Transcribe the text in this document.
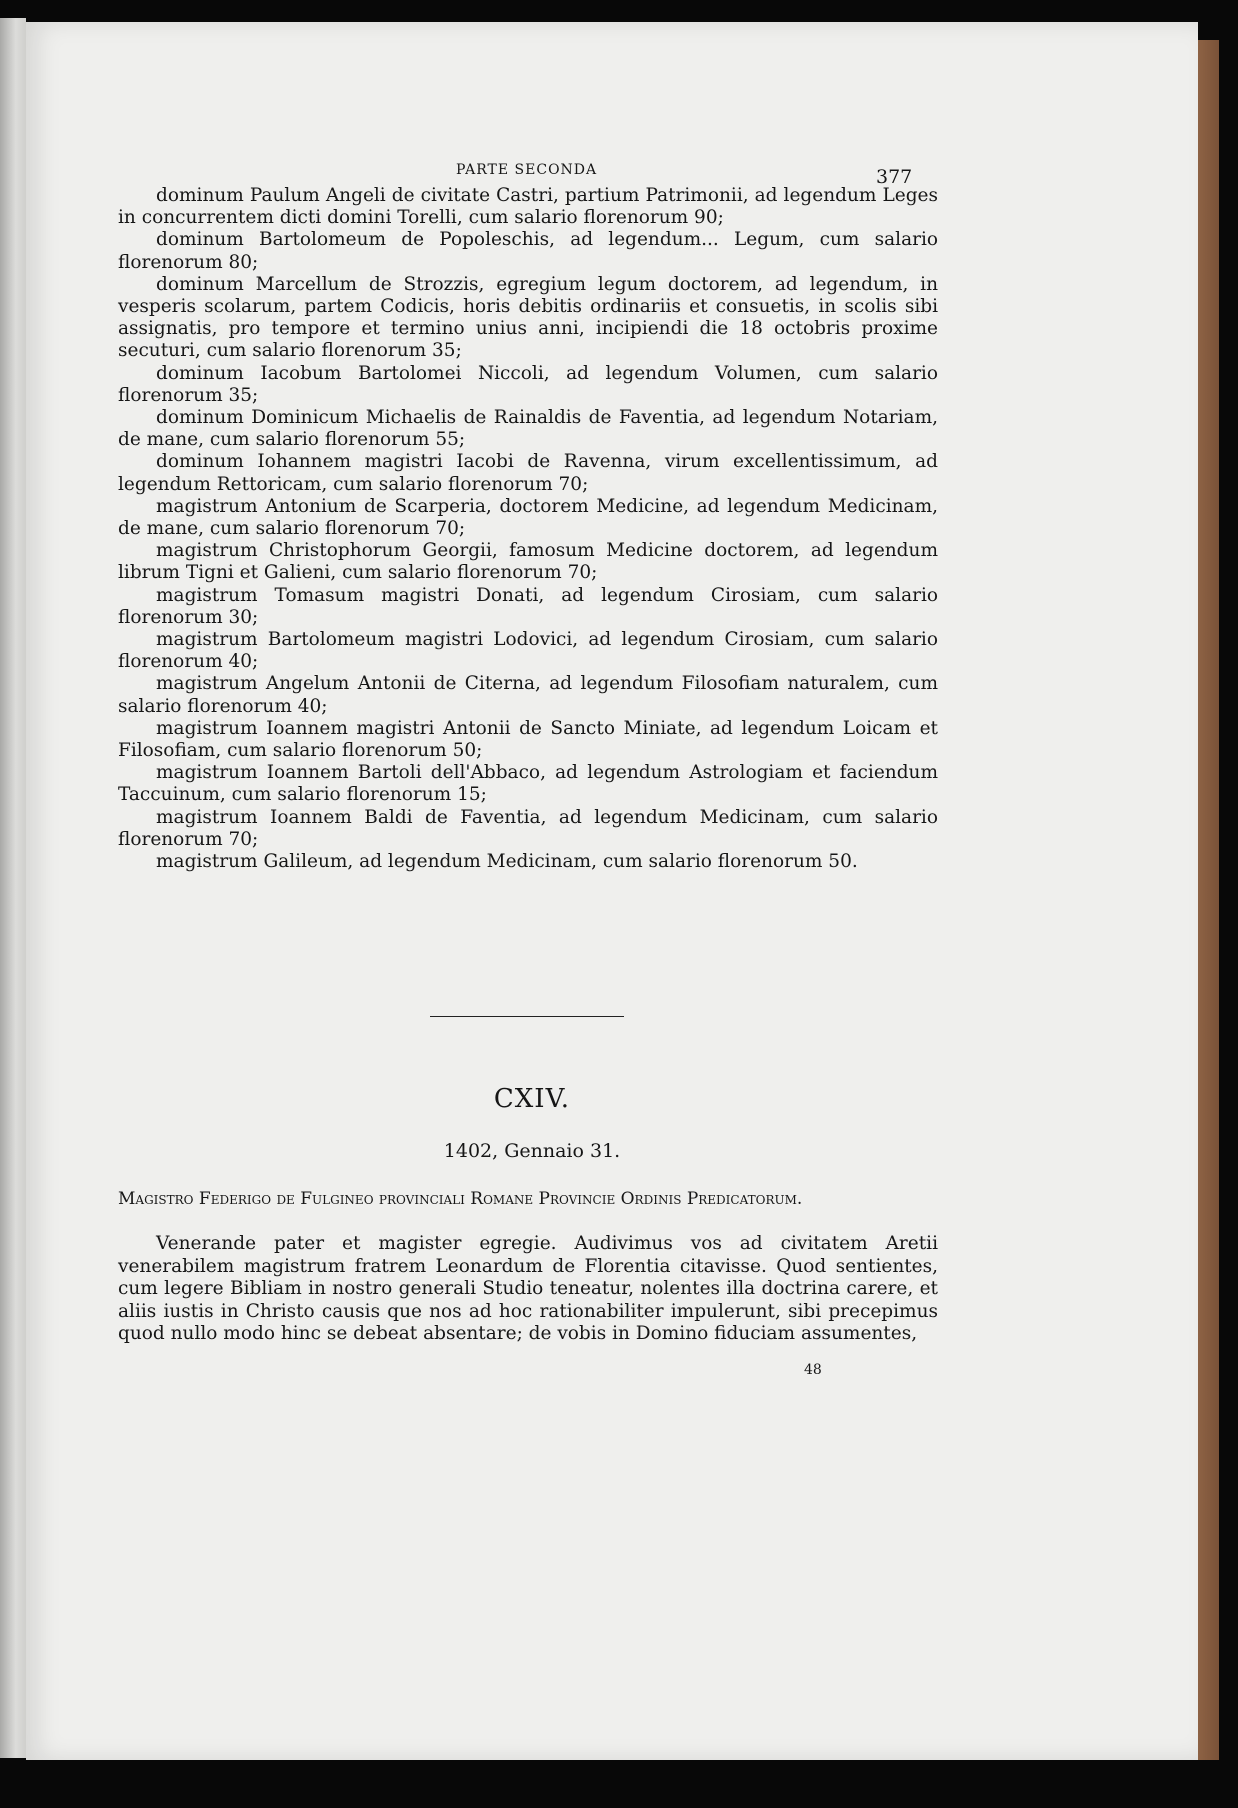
PARTE SECONDA	377

dominum Paulum Angeli de civitate Castri, partium Patrimonii, ad legendum Leges in concurrentem dicti domini Torelli, cum salario florenorum 90;

dominum Bartolomeum de Popoleschis, ad legendum... Legum, cum salario florenorum 80;

dominum Marcellum de Strozzis, egregium legum doctorem, ad legendum, in vesperis scolarum, partem Codicis, horis debitis ordinariis et consuetis, in scolis sibi assignatis, pro tempore et termino unius anni, incipiendi die 18 octobris proxime secuturi, cum salario florenorum 35;

dominum Iacobum Bartolomei Niccoli, ad legendum Volumen, cum salario florenorum 35;

dominum Dominicum Michaelis de Rainaldis de Faventia, ad legendum Notariam, de mane, cum salario florenorum 55;

dominum Iohannem magistri Iacobi de Ravenna, virum excellentissimum, ad legendum Rettoricam, cum salario florenorum 70;

magistrum Antonium de Scarperia, doctorem Medicine, ad legendum Medicinam, de mane, cum salario florenorum 70;

magistrum Christophorum Georgii, famosum Medicine doctorem, ad legendum librum Tigni et Galieni, cum salario florenorum 70;

magistrum Tomasum magistri Donati, ad legendum Cirosiam, cum salario florenorum 30;

magistrum Bartolomeum magistri Lodovici, ad legendum Cirosiam, cum salario florenorum 40;

magistrum Angelum Antonii de Citerna, ad legendum Filosofiam naturalem, cum salario florenorum 40;

magistrum Ioannem magistri Antonii de Sancto Miniate, ad legendum Loicam et Filosofiam, cum salario florenorum 50;

magistrum Ioannem Bartoli dell'Abbaco, ad legendum Astrologiam et faciendum Taccuinum, cum salario florenorum 15;

magistrum Ioannem Baldi de Faventia, ad legendum Medicinam, cum salario florenorum 70;

magistrum Galileum, ad legendum Medicinam, cum salario florenorum 50.

CXIV.
1402, Gennaio 31.
Magistro Federigo de Fulgineo provinciali Romane Provincie Ordinis Predicatorum.

Venerande pater et magister egregie. Audivimus vos ad civitatem Aretii venerabilem magistrum fratrem Leonardum de Florentia citavisse. Quod sentientes, cum legere Bibliam in nostro generali Studio teneatur, nolentes illa doctrina carere, et aliis iustis in Christo causis que nos ad hoc rationabiliter impulerunt, sibi precepimus quod nullo modo hinc se debeat absentare; de vobis in Domino fiduciam assumentes,

48
